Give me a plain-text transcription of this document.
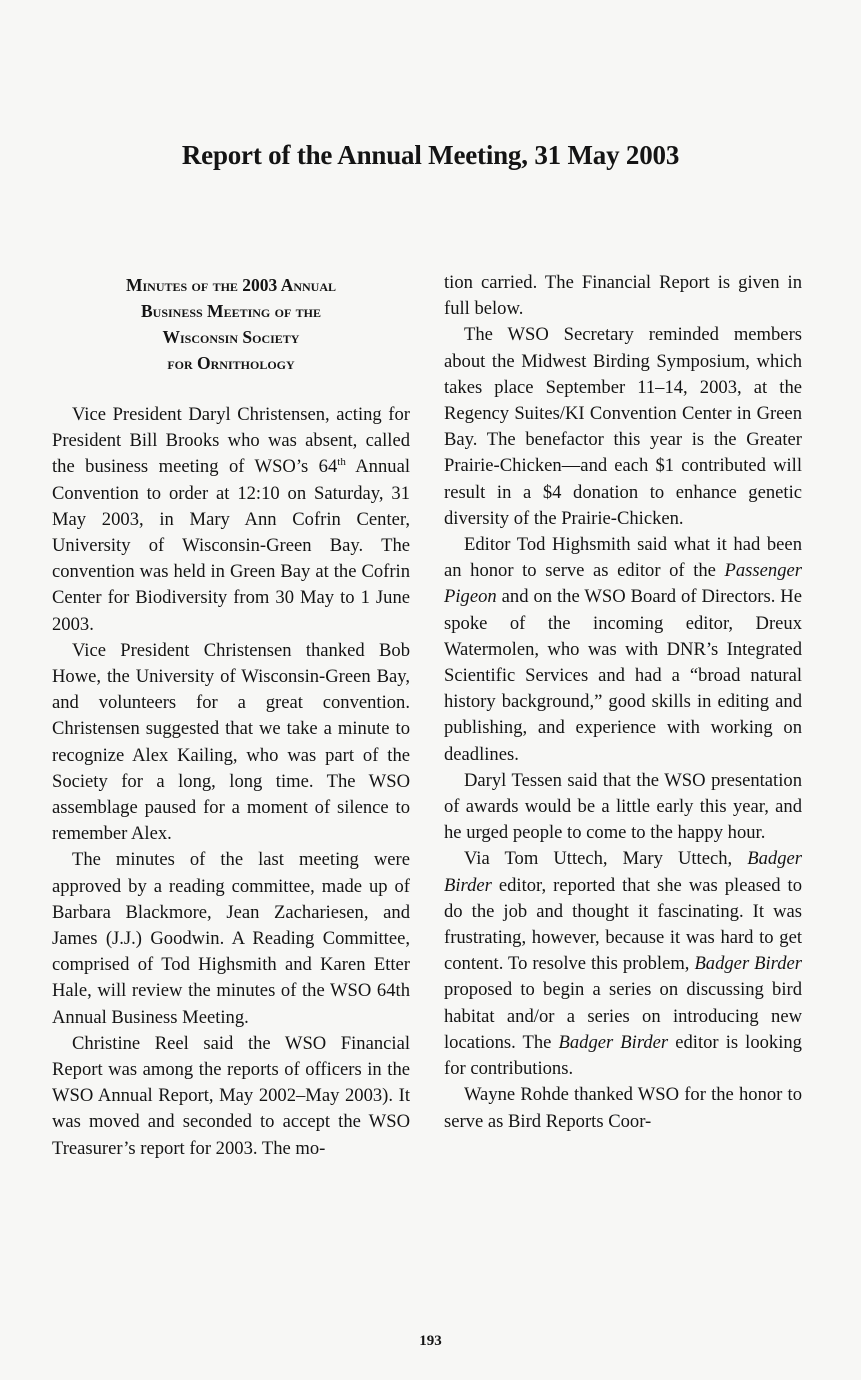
Report of the Annual Meeting, 31 May 2003
Minutes of the 2003 Annual
Business Meeting of the
Wisconsin Society
for Ornithology

Vice President Daryl Christensen, acting for President Bill Brooks who was absent, called the business meeting of WSO’s 64th Annual Convention to order at 12:10 on Saturday, 31 May 2003, in Mary Ann Cofrin Center, University of Wisconsin-Green Bay. The convention was held in Green Bay at the Cofrin Center for Biodiversity from 30 May to 1 June 2003.

Vice President Christensen thanked Bob Howe, the University of Wisconsin-Green Bay, and volunteers for a great convention. Christensen suggested that we take a minute to recognize Alex Kailing, who was part of the Society for a long, long time. The WSO assemblage paused for a moment of silence to remember Alex.

The minutes of the last meeting were approved by a reading committee, made up of Barbara Blackmore, Jean Zachariesen, and James (J.J.) Goodwin. A Reading Committee, comprised of Tod Highsmith and Karen Etter Hale, will review the minutes of the WSO 64th Annual Business Meeting.

Christine Reel said the WSO Financial Report was among the reports of officers in the WSO Annual Report, May 2002–May 2003). It was moved and seconded to accept the WSO Treasurer’s report for 2003. The mo-

tion carried. The Financial Report is given in full below.

The WSO Secretary reminded members about the Midwest Birding Symposium, which takes place September 11–14, 2003, at the Regency Suites/KI Convention Center in Green Bay. The benefactor this year is the Greater Prairie-Chicken—and each $1 contributed will result in a $4 donation to enhance genetic diversity of the Prairie-Chicken.

Editor Tod Highsmith said what it had been an honor to serve as editor of the Passenger Pigeon and on the WSO Board of Directors. He spoke of the incoming editor, Dreux Watermolen, who was with DNR’s Integrated Scientific Services and had a “broad natural history background,” good skills in editing and publishing, and experience with working on deadlines.

Daryl Tessen said that the WSO presentation of awards would be a little early this year, and he urged people to come to the happy hour.

Via Tom Uttech, Mary Uttech, Badger Birder editor, reported that she was pleased to do the job and thought it fascinating. It was frustrating, however, because it was hard to get content. To resolve this problem, Badger Birder proposed to begin a series on discussing bird habitat and/or a series on introducing new locations. The Badger Birder editor is looking for contributions.

Wayne Rohde thanked WSO for the honor to serve as Bird Reports Coor-

193
